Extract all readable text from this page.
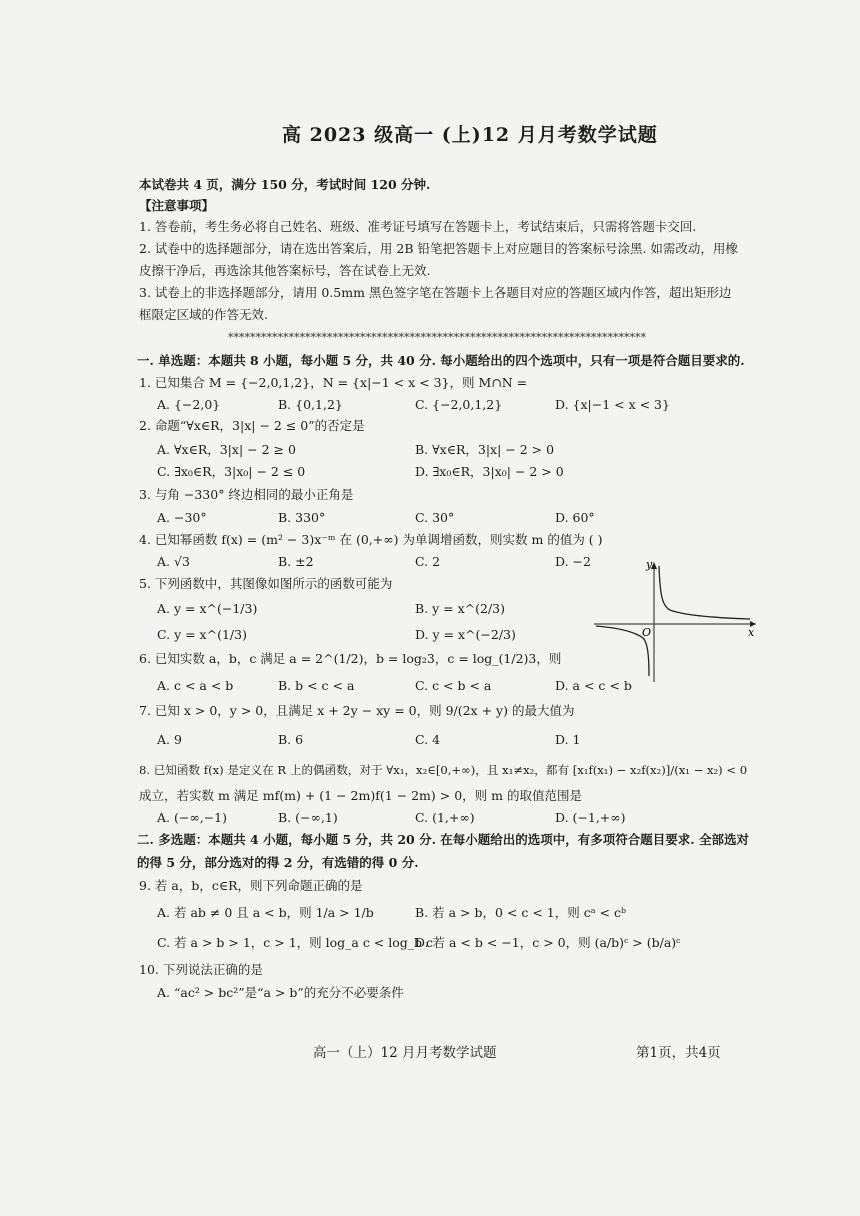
高 2023 级高一 (上)12 月月考数学试题
本试卷共 4 页，满分 150 分，考试时间 120 分钟.
【注意事项】
1. 答卷前，考生务必将自己姓名、班级、准考证号填写在答题卡上，考试结束后，只需将答题卡交回.
2. 试卷中的选择题部分，请在选出答案后，用 2B 铅笔把答题卡上对应题目的答案标号涂黑. 如需改动，用橡
皮擦干净后，再选涂其他答案标号，答在试卷上无效.
3. 试卷上的非选择题部分，请用 0.5mm 黑色签字笔在答题卡上各题目对应的答题区域内作答，超出矩形边
框限定区域的作答无效.
****************************************************************************
一. 单选题：本题共 8 小题，每小题 5 分，共 40 分. 每小题给出的四个选项中，只有一项是符合题目要求的.
1. 已知集合 M = {−2,0,1,2}，N = {x|−1 < x < 3}，则 M∩N =
A. {−2,0}	B. {0,1,2}	C. {−2,0,1,2}	D. {x|−1 < x < 3}
2. 命题“∀x∈R，3|x| − 2 ≤ 0”的否定是
A. ∀x∈R，3|x| − 2 ≥ 0	B. ∀x∈R，3|x| − 2 > 0
C. ∃x₀∈R，3|x₀| − 2 ≤ 0	D. ∃x₀∈R，3|x₀| − 2 > 0
3. 与角 −330° 终边相同的最小正角是
A. −30°	B. 330°	C. 30°	D. 60°
4. 已知幂函数 f(x) = (m² − 3)x⁻ᵐ 在 (0,+∞) 为单调增函数，则实数 m 的值为 ( )
A. √3	B. ±2	C. 2	D. −2
5. 下列函数中，其图像如图所示的函数可能为
A. y = x^(−1/3)	B. y = x^(2/3)
C. y = x^(1/3)	D. y = x^(−2/3)
y
x
O
6. 已知实数 a，b，c 满足 a = 2^(1/2)，b = log₂3，c = log_(1/2)3，则
A. c < a < b	B. b < c < a	C. c < b < a	D. a < c < b
7. 已知 x > 0，y > 0，且满足 x + 2y − xy = 0，则 9/(2x + y) 的最大值为
A. 9	B. 6	C. 4	D. 1
8. 已知函数 f(x) 是定义在 R 上的偶函数，对于 ∀x₁，x₂∈[0,+∞)，且 x₁≠x₂，都有 [x₁f(x₁) − x₂f(x₂)]/(x₁ − x₂) < 0
成立，若实数 m 满足 mf(m) + (1 − 2m)f(1 − 2m) > 0，则 m 的取值范围是
A. (−∞,−1)	B. (−∞,1)	C. (1,+∞)	D. (−1,+∞)
二. 多选题：本题共 4 小题，每小题 5 分，共 20 分. 在每小题给出的选项中，有多项符合题目要求. 全部选对
的得 5 分，部分选对的得 2 分，有选错的得 0 分.
9. 若 a，b，c∈R，则下列命题正确的是
A. 若 ab ≠ 0 且 a < b，则 1/a > 1/b	B. 若 a > b，0 < c < 1，则 cᵃ < cᵇ
C. 若 a > b > 1，c > 1，则 log_a c < log_b c
D. 若 a < b < −1，c > 0，则 (a/b)ᶜ > (b/a)ᶜ
10. 下列说法正确的是
A. “ac² > bc²”是“a > b”的充分不必要条件
高一（上）12 月月考数学试题	第1页，共4页
